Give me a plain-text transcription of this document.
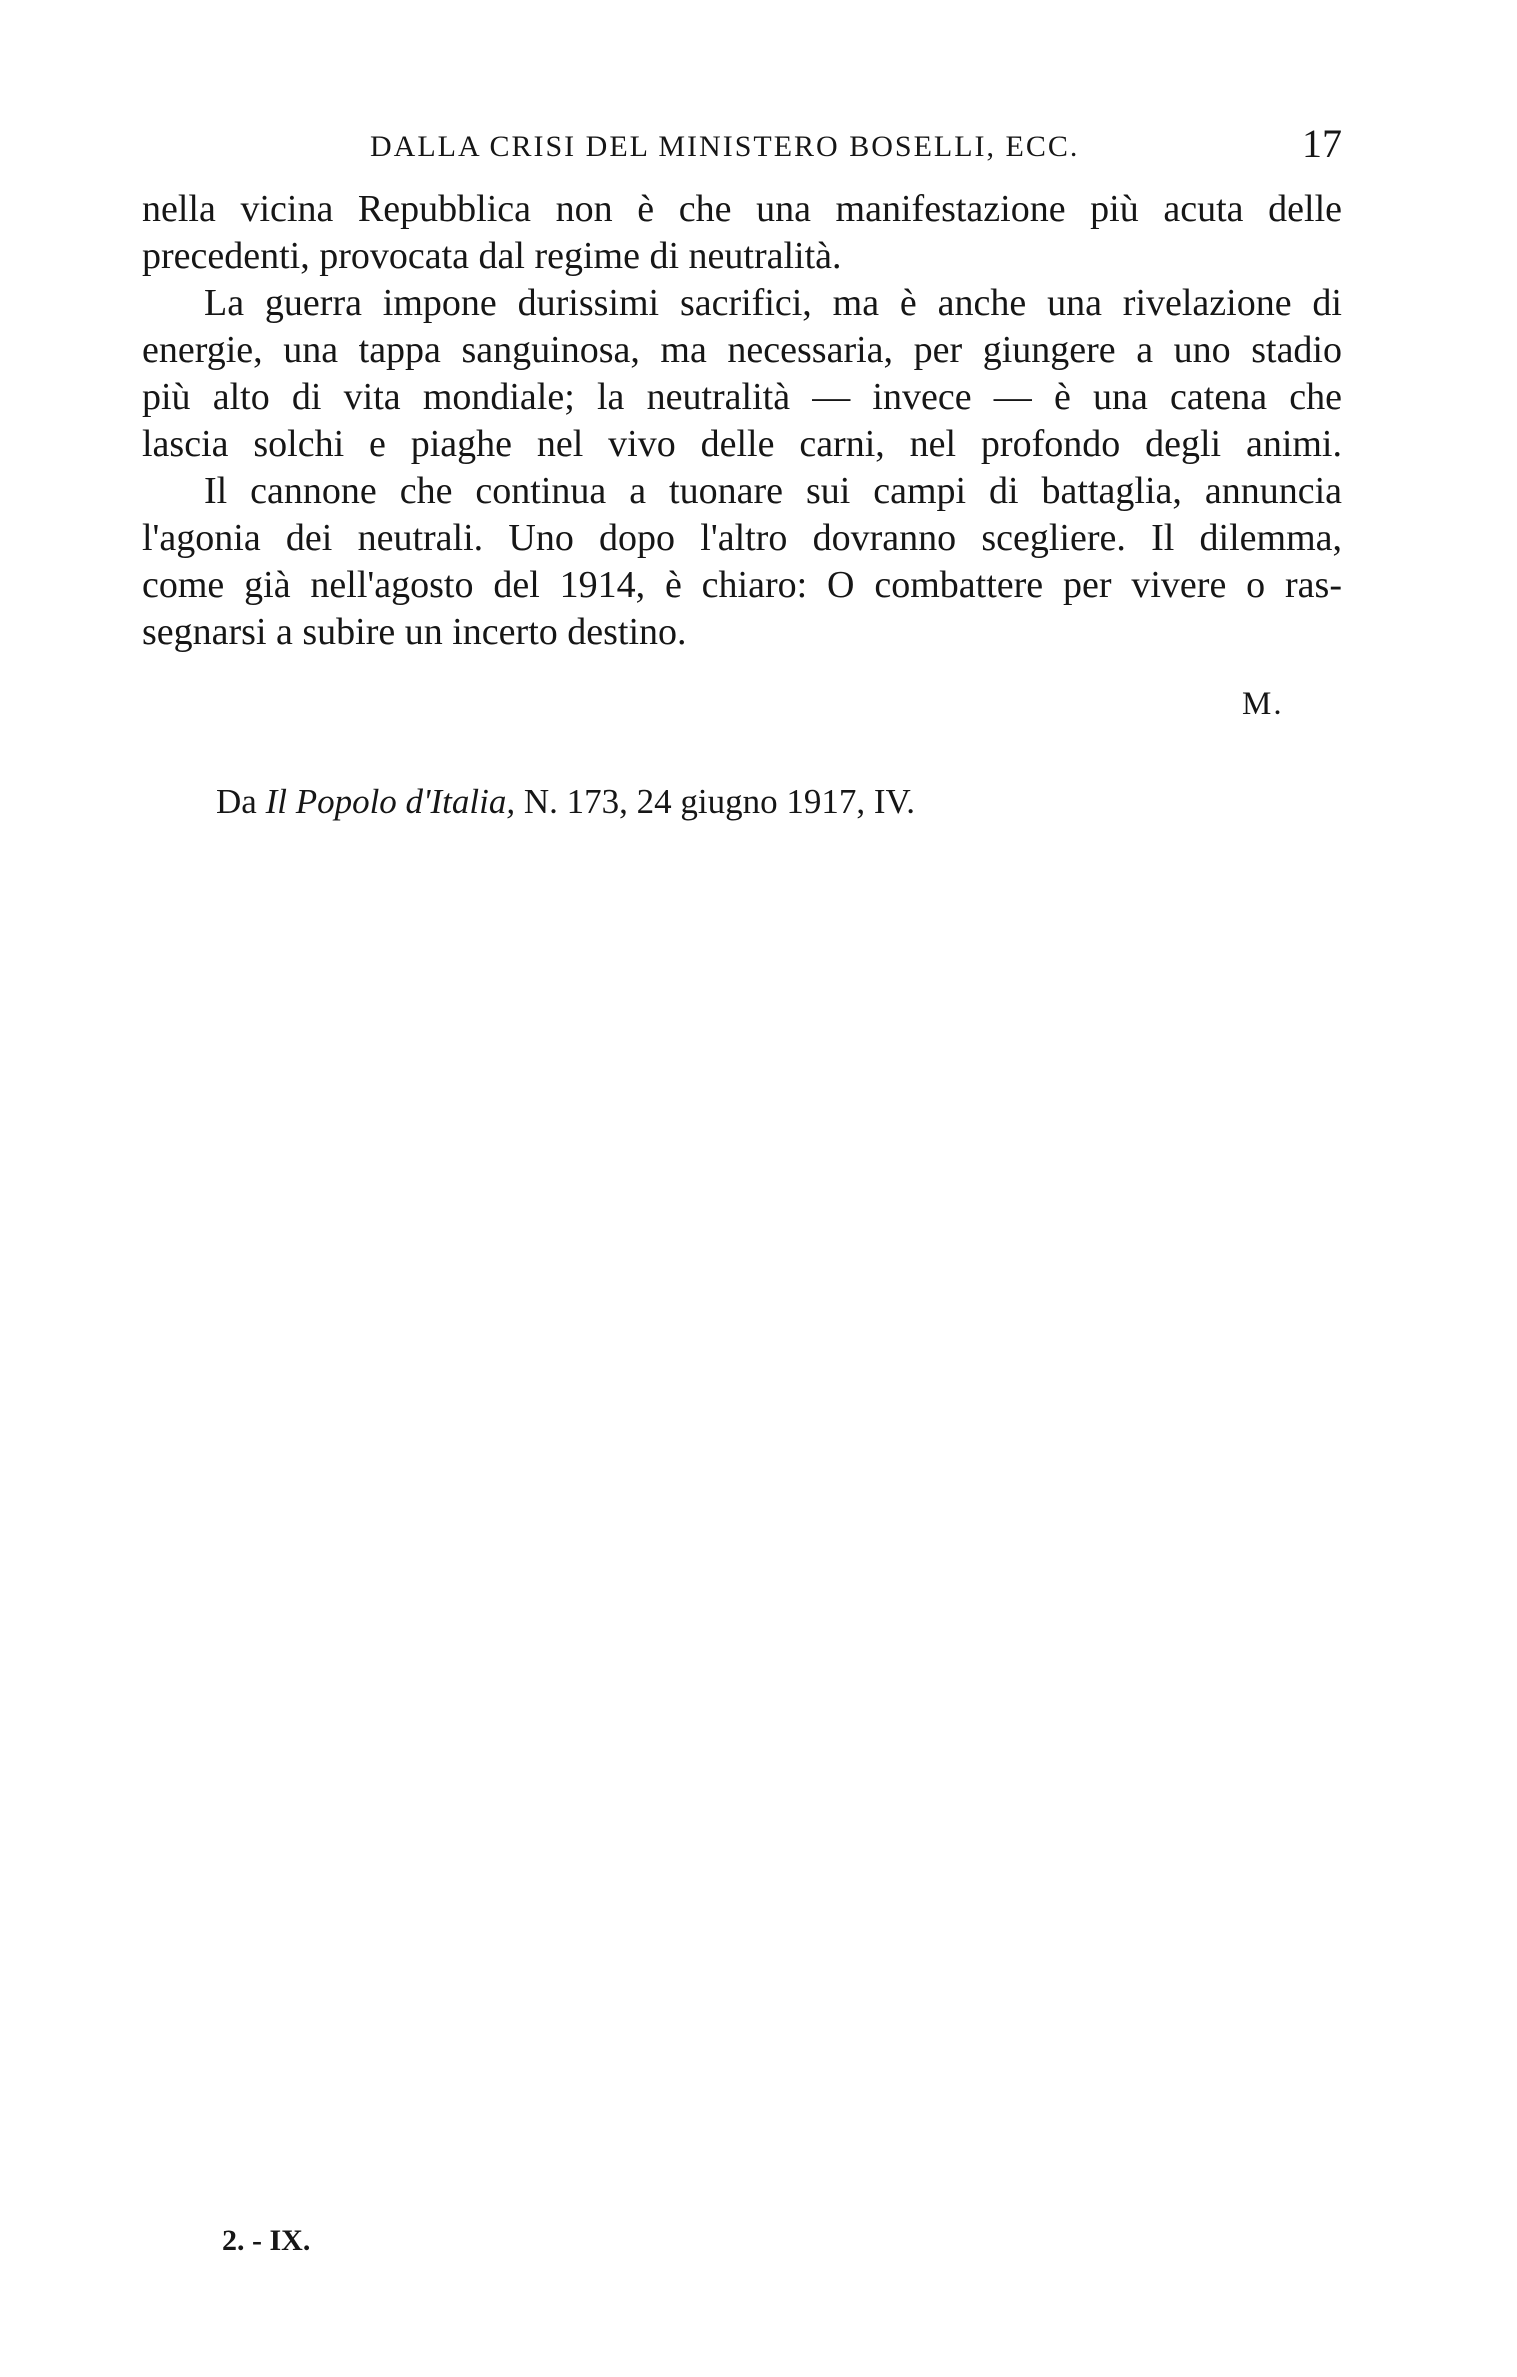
DALLA CRISI DEL MINISTERO BOSELLI, ECC.	17
nella vicina Repubblica non è che una manifestazione più acuta delle
precedenti, provocata dal regime di neutralità.
La guerra impone durissimi sacrifici, ma è anche una rivelazione di
energie, una tappa sanguinosa, ma necessaria, per giungere a uno stadio
più alto di vita mondiale; la neutralità — invece — è una catena che
lascia solchi e piaghe nel vivo delle carni, nel profondo degli animi.
Il cannone che continua a tuonare sui campi di battaglia, annuncia
l'agonia dei neutrali. Uno dopo l'altro dovranno scegliere. Il dilemma,
come già nell'agosto del 1914, è chiaro: O combattere per vivere o ras-
segnarsi a subire un incerto destino.
M.
Da Il Popolo d'Italia, N. 173, 24 giugno 1917, IV.
2. - IX.
